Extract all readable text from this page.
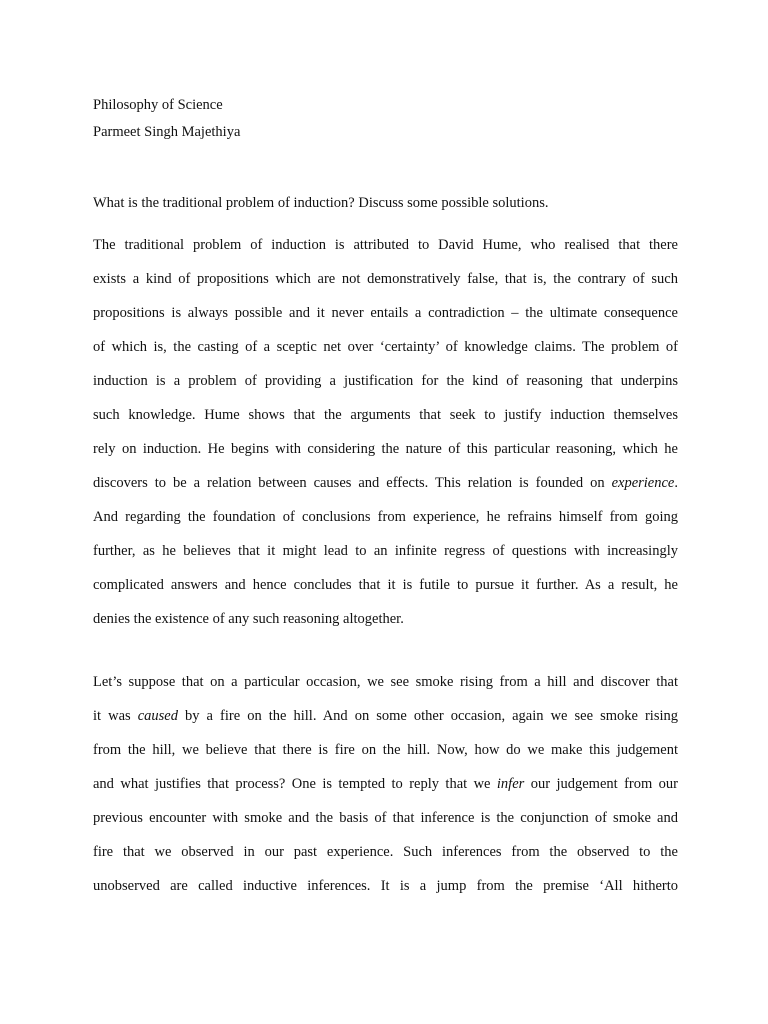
Philosophy of Science
Parmeet Singh Majethiya
What is the traditional problem of induction? Discuss some possible solutions.
The traditional problem of induction is attributed to David Hume, who realised that there
exists a kind of propositions which are not demonstratively false, that is, the contrary of such
propositions is always possible and it never entails a contradiction – the ultimate consequence
of which is, the casting of a sceptic net over ‘certainty’ of knowledge claims. The problem of
induction is a problem of providing a justification for the kind of reasoning that underpins
such knowledge. Hume shows that the arguments that seek to justify induction themselves
rely on induction. He begins with considering the nature of this particular reasoning, which he
discovers to be a relation between causes and effects. This relation is founded on experience.
And regarding the foundation of conclusions from experience, he refrains himself from going
further, as he believes that it might lead to an infinite regress of questions with increasingly
complicated answers and hence concludes that it is futile to pursue it further. As a result, he
denies the existence of any such reasoning altogether.
Let’s suppose that on a particular occasion, we see smoke rising from a hill and discover that
it was caused by a fire on the hill. And on some other occasion, again we see smoke rising
from the hill, we believe that there is fire on the hill. Now, how do we make this judgement
and what justifies that process? One is tempted to reply that we infer our judgement from our
previous encounter with smoke and the basis of that inference is the conjunction of smoke and
fire that we observed in our past experience. Such inferences from the observed to the
unobserved are called inductive inferences. It is a jump from the premise ‘All hitherto
